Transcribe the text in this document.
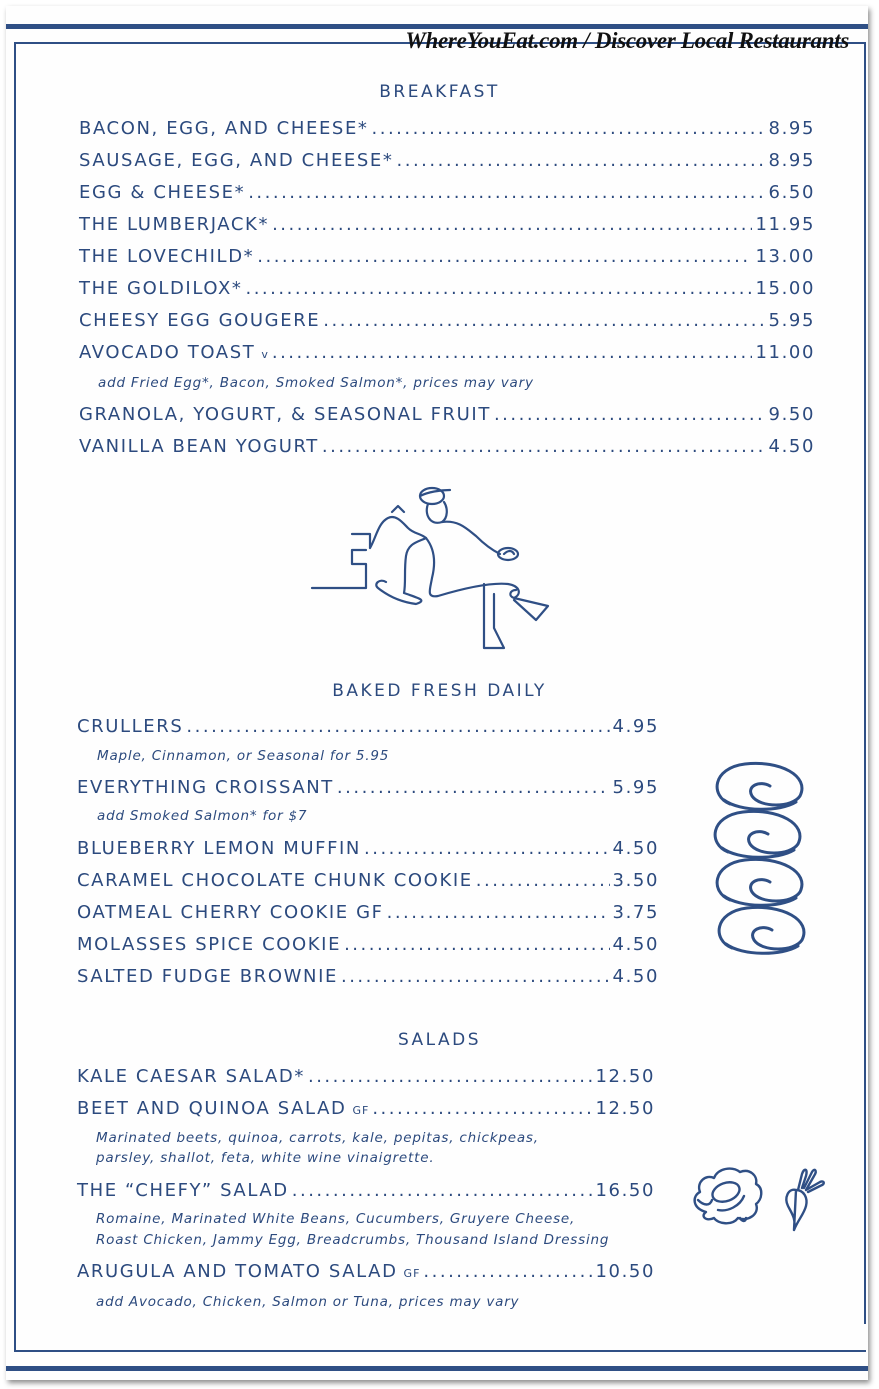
WhereYouEat.com / Discover Local Restaurants
BREAKFAST
BACON, EGG, AND CHEESE* .....	8.95
SAUSAGE, EGG, AND CHEESE* .....	8.95
EGG & CHEESE* .....	6.50
THE LUMBERJACK* .....	11.95
THE LOVECHILD* .....	13.00
THE GOLDILOX* .....	15.00
CHEESY EGG GOUGERE .....	5.95
AVOCADO TOAST v .....	11.00
add Fried Egg*, Bacon, Smoked Salmon*, prices may vary
GRANOLA, YOGURT, & SEASONAL FRUIT .....	9.50
VANILLA BEAN YOGURT .....	4.50
BAKED FRESH DAILY
CRULLERS .....	4.95
Maple, Cinnamon, or Seasonal for 5.95
EVERYTHING CROISSANT .....	5.95
add Smoked Salmon* for $7
BLUEBERRY LEMON MUFFIN .....	4.50
CARAMEL CHOCOLATE CHUNK COOKIE .....	3.50
OATMEAL CHERRY COOKIE GF .....	3.75
MOLASSES SPICE COOKIE .....	4.50
SALTED FUDGE BROWNIE .....	4.50
SALADS
KALE CAESAR SALAD* .....	12.50
BEET AND QUINOA SALAD GF .....	12.50
Marinated beets, quinoa, carrots, kale, pepitas, chickpeas,
parsley, shallot, feta, white wine vinaigrette.
THE “CHEFY” SALAD .....	16.50
Romaine, Marinated White Beans, Cucumbers, Gruyere Cheese,
Roast Chicken, Jammy Egg, Breadcrumbs, Thousand Island Dressing
ARUGULA AND TOMATO SALAD GF .....	10.50
add Avocado, Chicken, Salmon or Tuna, prices may vary
